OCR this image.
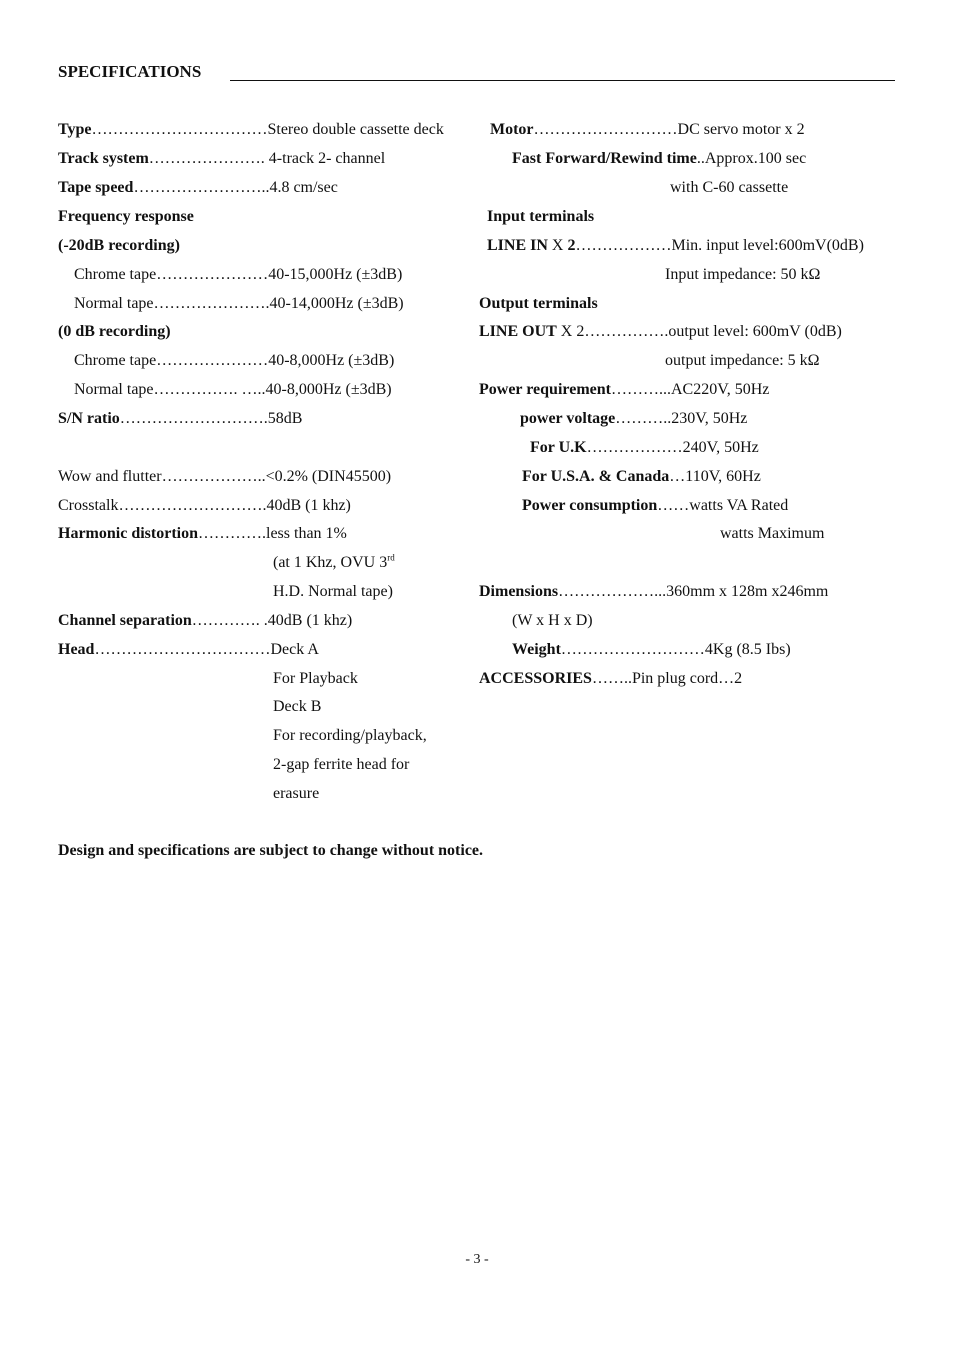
SPECIFICATIONS
Type……………………………Stereo double cassette deck
Track system…………………. 4-track 2- channel
Tape speed……………………..4.8 cm/sec
Frequency response
(-20dB recording)
Chrome tape…………………40-15,000Hz (±3dB)
Normal tape………………….40-14,000Hz (±3dB)
(0 dB recording)
Chrome tape…………………40-8,000Hz (±3dB)
Normal tape……………. …..40-8,000Hz (±3dB)
S/N ratio……………………….58dB
Wow and flutter………………..<0.2% (DIN45500)
Crosstalk……………………….40dB (1 khz)
Harmonic distortion………….less than 1%
(at 1 Khz, OVU 3rd
H.D. Normal tape)
Channel separation…………. .40dB (1 khz)
Head……………………………Deck A
For Playback
Deck B
For recording/playback,
2-gap ferrite head for
erasure
Motor………………………DC servo motor x 2
Fast Forward/Rewind time..Approx.100 sec
with C-60 cassette
Input terminals
LINE IN X 2………………Min. input level:600mV(0dB)
Input impedance: 50 kΩ
Output terminals
LINE OUT X 2…………….output level: 600mV (0dB)
output impedance: 5 kΩ
Power requirement………...AC220V, 50Hz
power voltage………..230V, 50Hz
For U.K………………240V, 50Hz
For U.S.A. & Canada…110V, 60Hz
Power consumption……watts VA Rated
watts Maximum
Dimensions………………...360mm x 128m x246mm
(W x H x D)
Weight………………………4Kg (8.5 Ibs)
ACCESSORIES……..Pin plug cord…2
Design and specifications are subject to change without notice.
- 3 -
